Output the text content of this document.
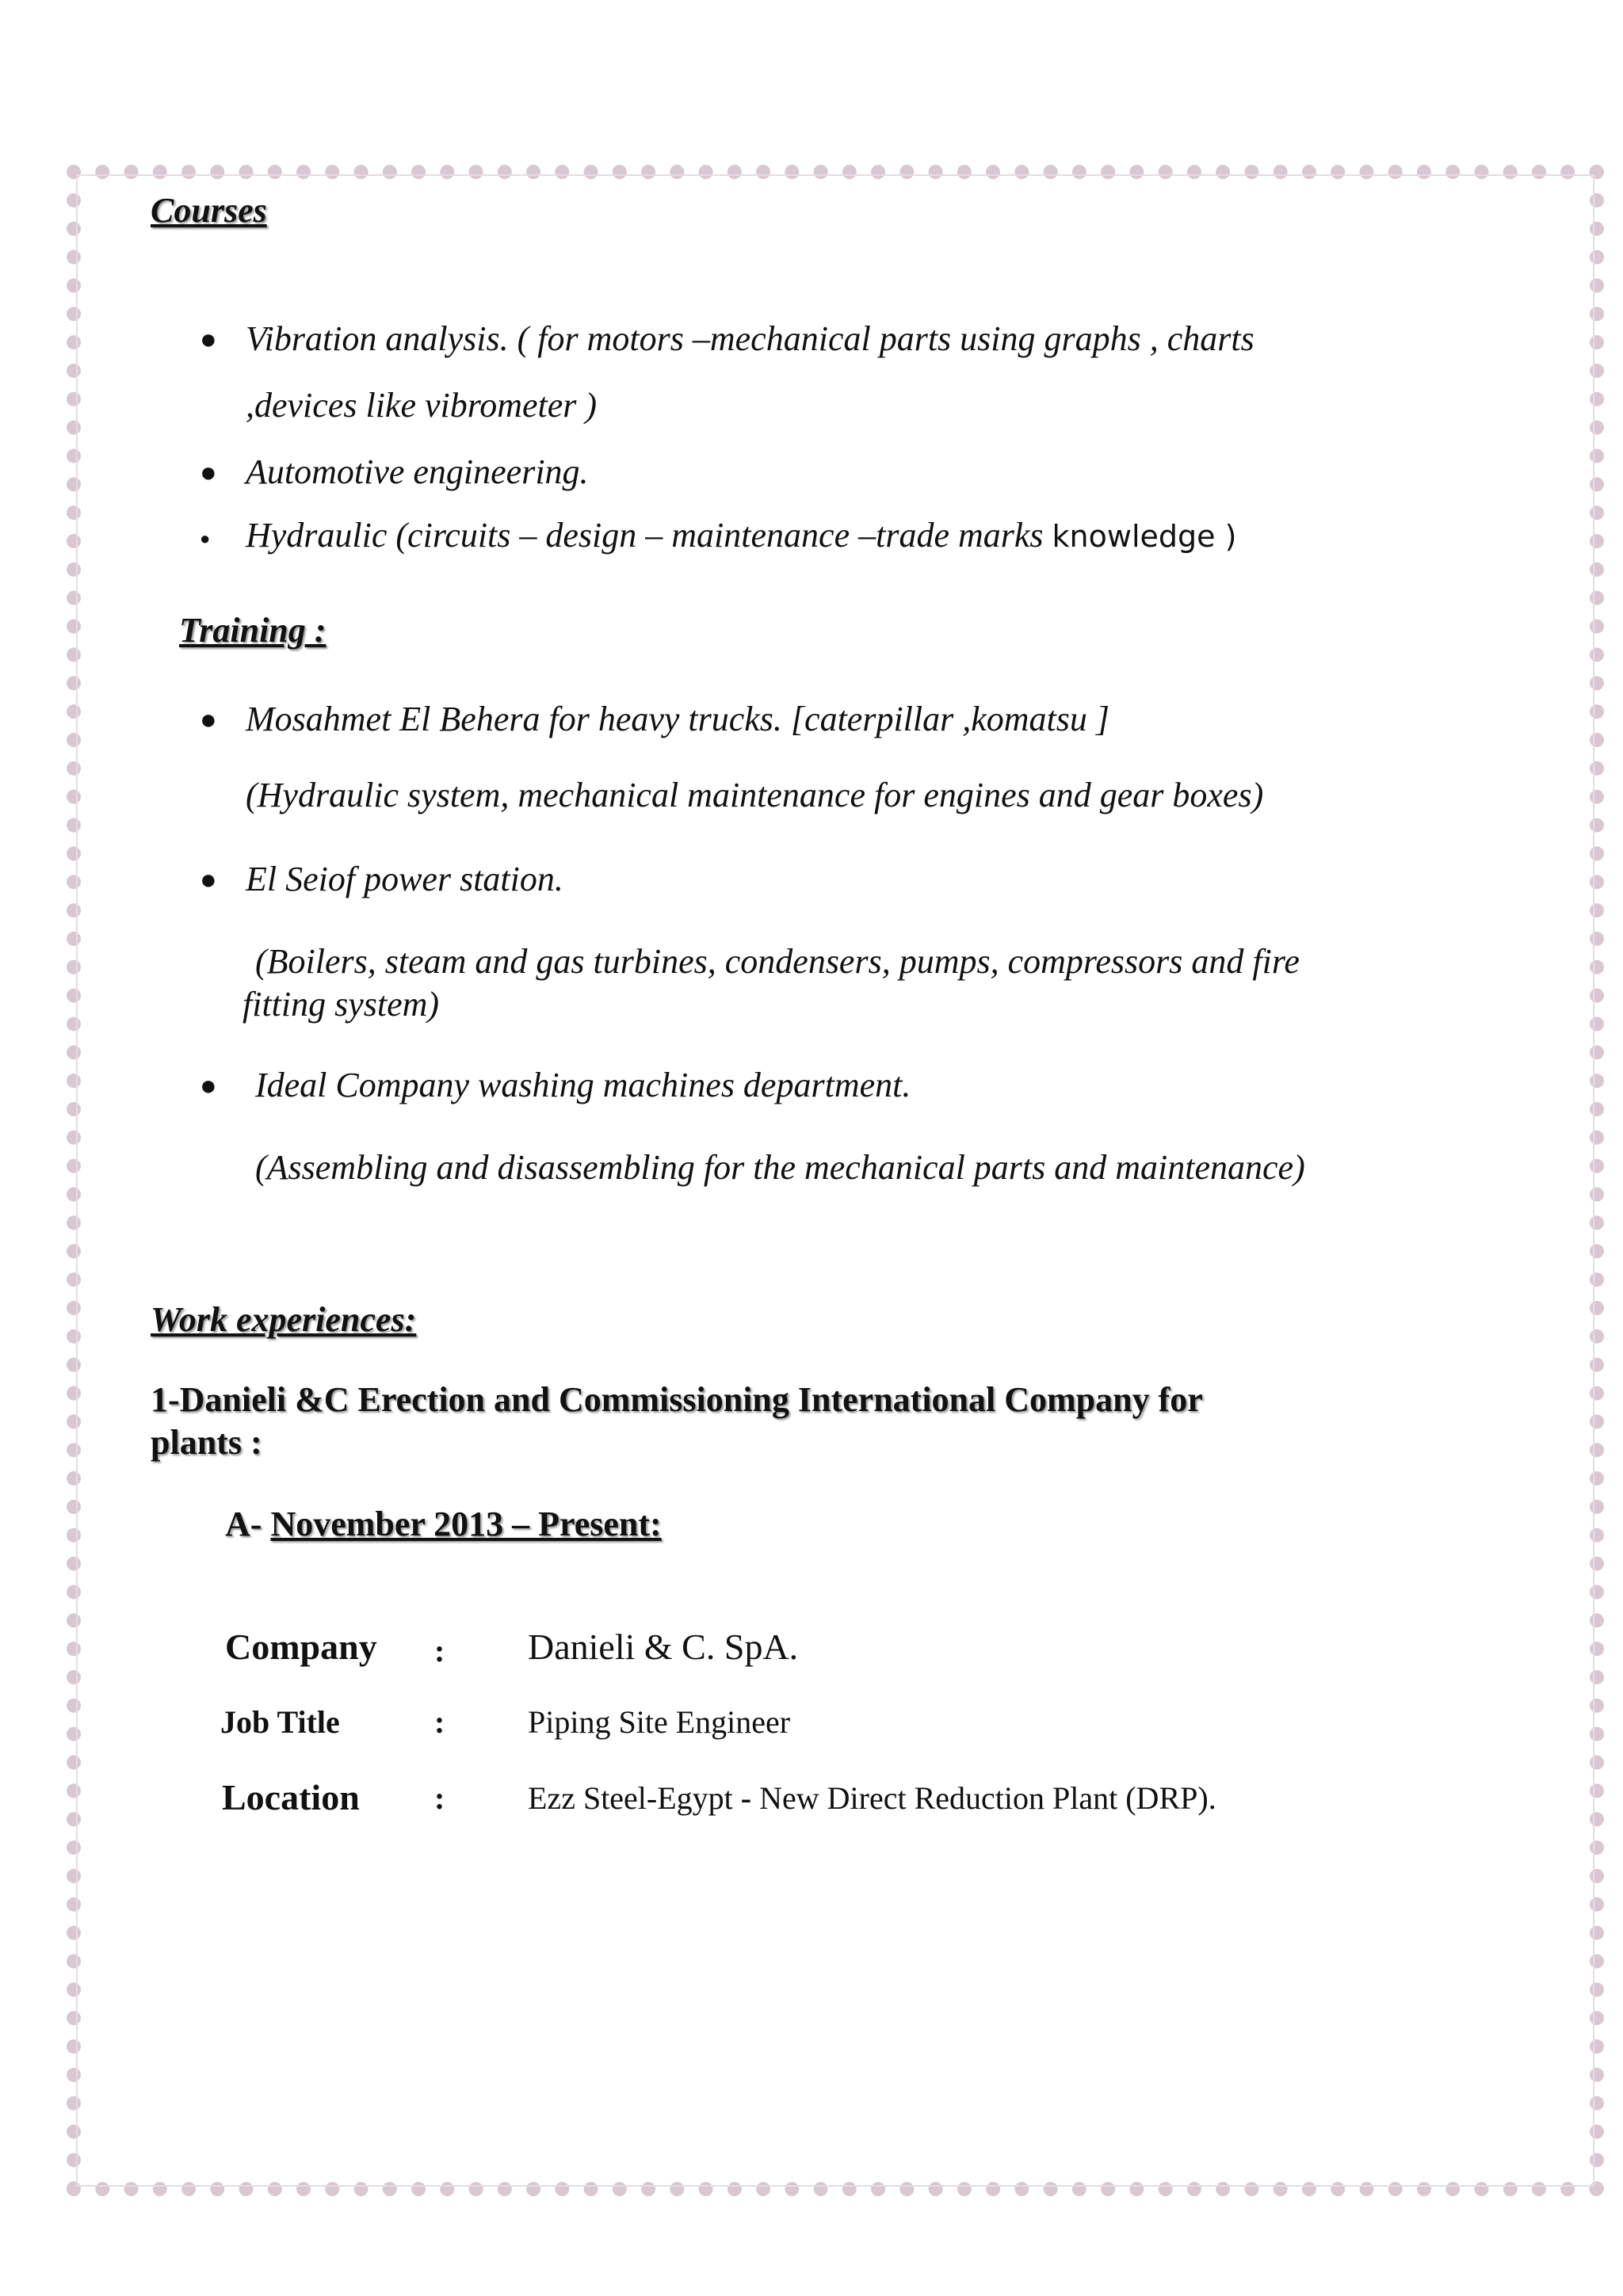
Courses
● Vibration analysis. ( for motors –mechanical parts using graphs , charts
,devices like vibrometer )
● Automotive engineering.
● Hydraulic (circuits – design – maintenance –trade marks knowledge )
Training :
● Mosahmet El Behera for heavy trucks. [caterpillar ,komatsu ]
(Hydraulic system, mechanical maintenance for engines and gear boxes)
● El Seiof power station.
(Boilers, steam and gas turbines, condensers, pumps, compressors and fire
fitting system)
● Ideal Company washing machines department.
(Assembling and disassembling for the mechanical parts and maintenance)
Work experiences:
1-Danieli &C Erection and Commissioning International Company for
plants :
A- November 2013 – Present:
Company : Danieli & C. SpA.
Job Title	:	Piping Site Engineer
Location :	Ezz Steel-Egypt - New Direct Reduction Plant (DRP).
